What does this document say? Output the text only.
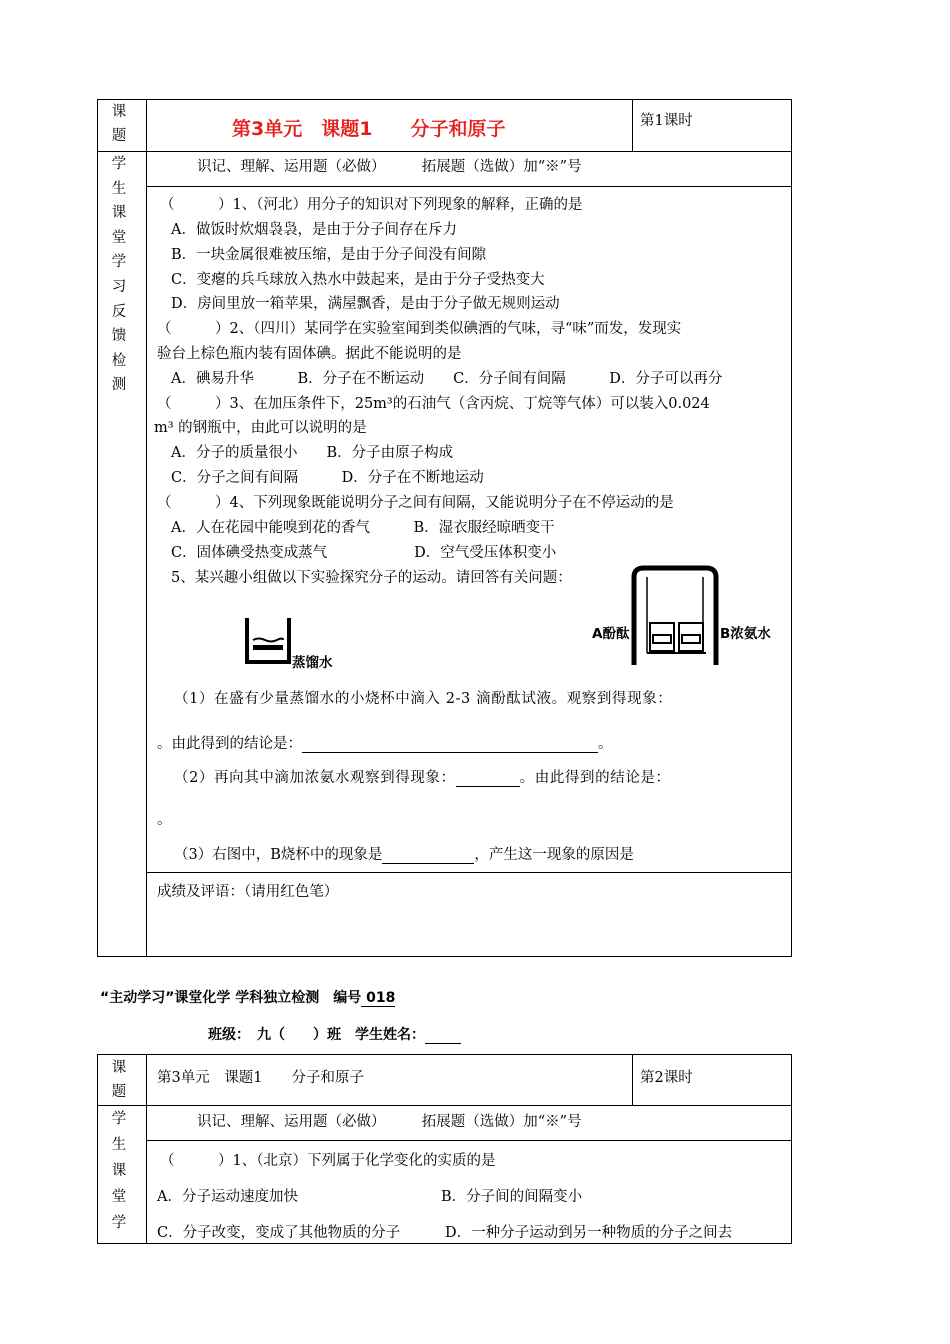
课
题	第3单元　课题1　　分子和原子	第1课时
学
生
课
堂
学
习
反
馈
检
测
识记、理解、运用题（必做）　　　拓展题（选做）加“※”号
（　　　）1、（河北）用分子的知识对下列现象的解释，正确的是
A．做饭时炊烟袅袅，是由于分子间存在斥力
B．一块金属很难被压缩，是由于分子间没有间隙
C．变瘪的兵乓球放入热水中鼓起来，是由于分子受热变大
D．房间里放一箱苹果，满屋飘香，是由于分子做无规则运动
（　　　）2、（四川）某同学在实验室闻到类似碘酒的气味，寻“味”而发，发现实
验台上棕色瓶内装有固体碘。据此不能说明的是
A．碘易升华　　　B．分子在不断运动　　C．分子间有间隔　　　D．分子可以再分
（　　　）3、在加压条件下，25m³的石油气（含丙烷、丁烷等气体）可以装入0.024
m³ 的钢瓶中，由此可以说明的是
A．分子的质量很小　　B．分子由原子构成
C．分子之间有间隔　　　D．分子在不断地运动
（　　　）4、下列现象既能说明分子之间有间隔，又能说明分子在不停运动的是
A．人在花园中能嗅到花的香气　　　B．湿衣服经晾晒变干
C．固体碘受热变成蒸气　　　　　　D．空气受压体积变小
5、某兴趣小组做以下实验探究分子的运动。请回答有关问题：
蒸馏水
A酚酞	B浓氨水
（1）在盛有少量蒸馏水的小烧杯中滴入 2-3 滴酚酞试液。观察到得现象：
。由此得到的结论是：	。
（2）再向其中滴加浓氨水观察到得现象：	。由此得到的结论是：
。
（3）右图中，B烧杯中的现象是	，产生这一现象的原因是
成绩及评语：（请用红色笔）
“主动学习”课堂化学 学科独立检测　编号 018
班级：　九（　　）班　学生姓名：
课
题
第3单元　课题1　　分子和原子	第2课时
学
生
课
堂
学
识记、理解、运用题（必做）　　　拓展题（选做）加“※”号
（　　　）1、（北京）下列属于化学变化的实质的是
A．分子运动速度加快	B．分子间的间隔变小
C．分子改变，变成了其他物质的分子	D．一种分子运动到另一种物质的分子之间去
